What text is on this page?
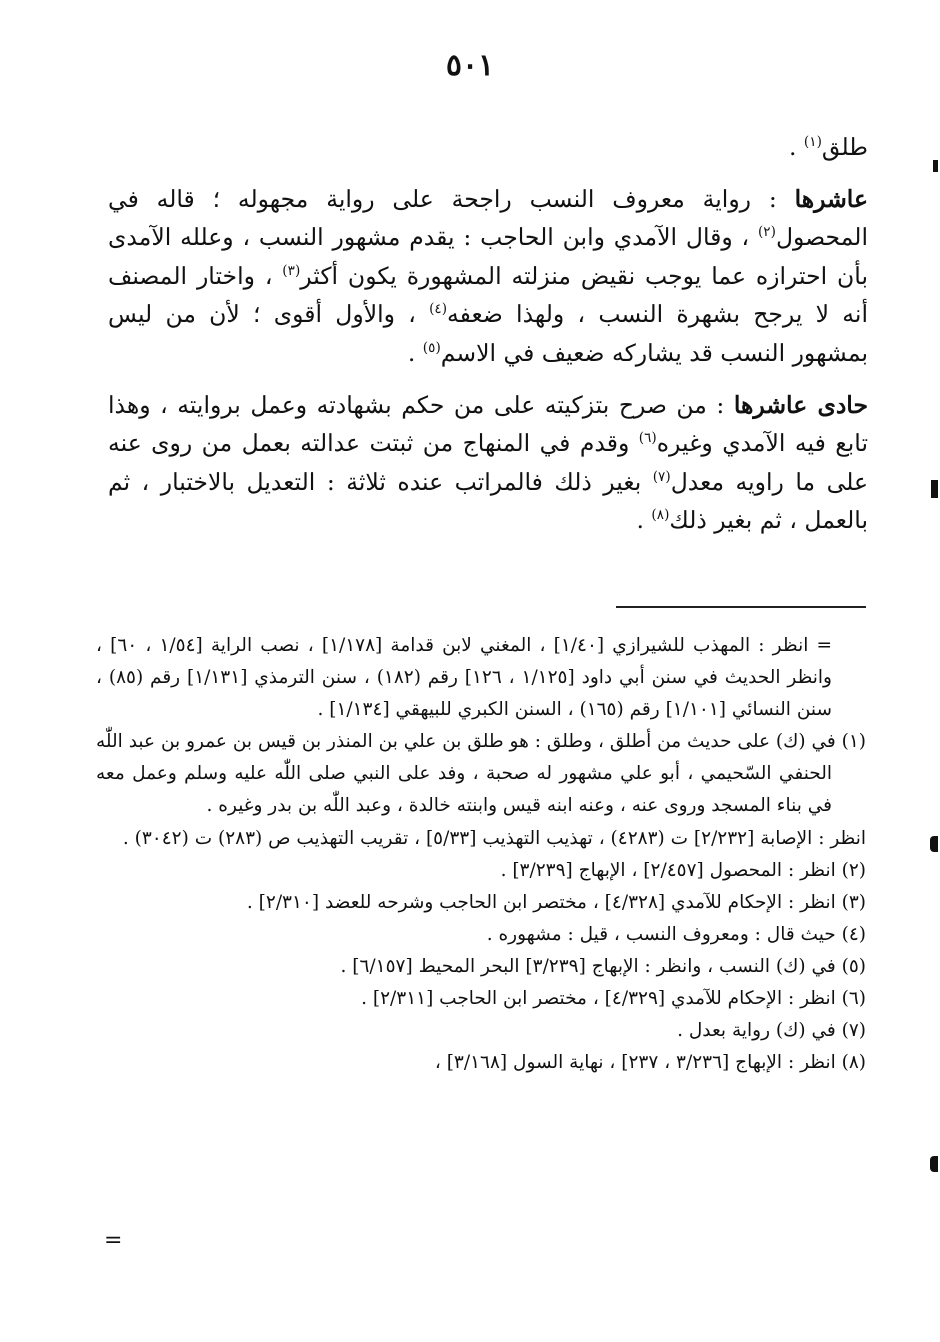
٥٠١

طلق$^{(١)}$ .

عاشرها : رواية معروف النسب راجحة على رواية مجهوله ؛ قاله في المحصول$^{(٢)}$ ، وقال الآمدي وابن الحاجب : يقدم مشهور النسب ، وعلله الآمدى بأن احترازه عما يوجب نقيض منزلته المشهورة يكون أكثر$^{(٣)}$ ، واختار المصنف أنه لا يرجح بشهرة النسب ، ولهذا ضعفه$^{(٤)}$ ، والأول أقوى ؛ لأن من ليس بمشهور النسب قد يشاركه ضعيف في الاسم$^{(٥)}$ .

حادى عاشرها : من صرح بتزكيته على من حكم بشهادته وعمل بروايته ، وهذا تابع فيه الآمدي وغيره$^{(٦)}$ وقدم في المنهاج من ثبتت عدالته بعمل من روى عنه على ما راويه معدل$^{(٧)}$ بغير ذلك فالمراتب عنده ثلاثة : التعديل بالاختبار ، ثم بالعمل ، ثم بغير ذلك$^{(٨)}$ .

= انظر : المهذب للشيرازي [١/٤٠] ، المغني لابن قدامة [١/١٧٨] ، نصب الراية [١/٥٤ ، ٦٠] ، وانظر الحديث في سنن أبي داود [١/١٢٥ ، ١٢٦] رقم (١٨٢) ، سنن الترمذي [١/١٣١] رقم (٨٥) ، سنن النسائي [١/١٠١] رقم (١٦٥) ، السنن الكبري للبيهقي [١/١٣٤] .

(١) في (ك) على حديث من أطلق ، وطلق : هو طلق بن علي بن المنذر بن قيس بن عمرو بن عبد اللّٰه الحنفي السّحيمي ، أبو علي مشهور له صحبة ، وفد على النبي صلى اللّٰه عليه وسلم وعمل معه في بناء المسجد وروى عنه ، وعنه ابنه قيس وابنته خالدة ، وعبد اللّٰه بن بدر وغيره .

انظر : الإصابة [٢/٢٣٢] ت (٤٢٨٣) ، تهذيب التهذيب [٥/٣٣] ، تقريب التهذيب ص (٢٨٣) ت (٣٠٤٢) .

(٢) انظر : المحصول [٢/٤٥٧] ، الإبهاج [٣/٢٣٩] .

(٣) انظر : الإحكام للآمدي [٤/٣٢٨] ، مختصر ابن الحاجب وشرحه للعضد [٢/٣١٠] .

(٤) حيث قال : ومعروف النسب ، قيل : مشهوره .

(٥) في (ك) النسب ، وانظر : الإبهاج [٣/٢٣٩] البحر المحيط [٦/١٥٧] .

(٦) انظر : الإحكام للآمدي [٤/٣٢٩] ، مختصر ابن الحاجب [٢/٣١١] .

(٧) في (ك) رواية بعدل .

(٨) انظر : الإبهاج [٣/٢٣٦ ، ٢٣٧] ، نهاية السول [٣/١٦٨] ،

=
